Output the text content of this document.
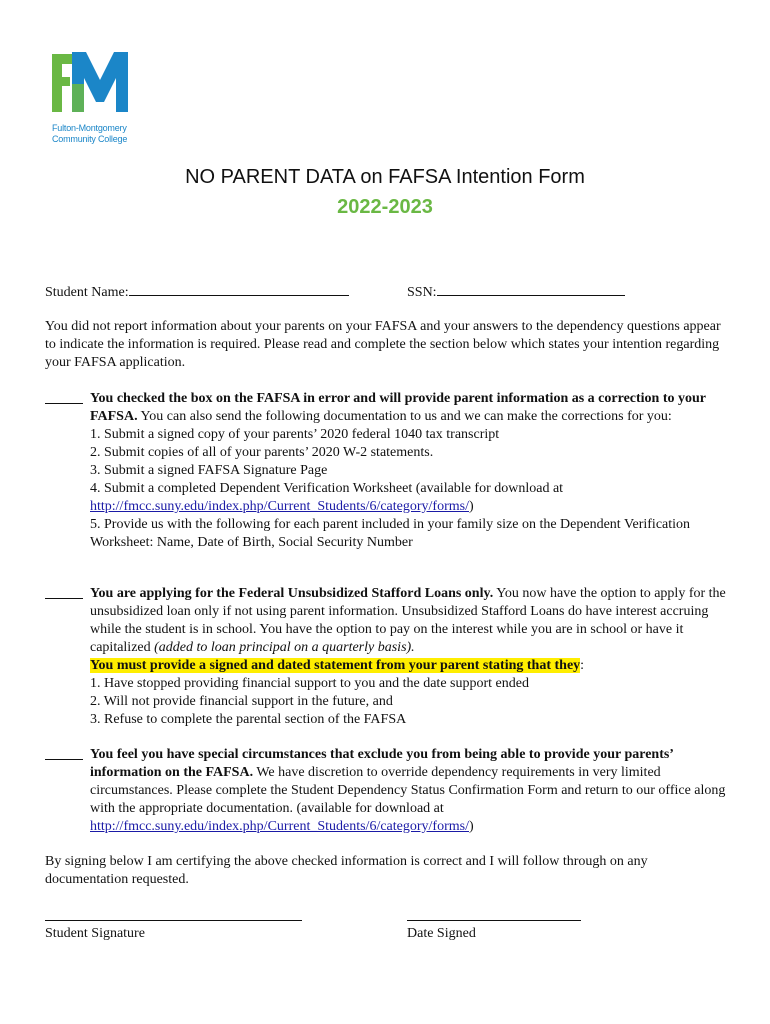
Fulton-Montgomery
Community College
NO PARENT DATA on FAFSA Intention Form
2022-2023
Student Name:	SSN:
You did not report information about your parents on your FAFSA and your answers to the dependency questions appear to indicate the information is required. Please read and complete the section below which states your intention regarding your FAFSA application.
You checked the box on the FAFSA in error and will provide parent information as a correction to your FAFSA. You can also send the following documentation to us and we can make the corrections for you:
1. Submit a signed copy of your parents’ 2020 federal 1040 tax transcript
2. Submit copies of all of your parents’ 2020 W-2 statements.
3. Submit a signed FAFSA Signature Page
4. Submit a completed Dependent Verification Worksheet (available for download at
http://fmcc.suny.edu/index.php/Current_Students/6/category/forms/)
5. Provide us with the following for each parent included in your family size on the Dependent Verification Worksheet: Name, Date of Birth, Social Security Number
You are applying for the Federal Unsubsidized Stafford Loans only. You now have the option to apply for the unsubsidized loan only if not using parent information. Unsubsidized Stafford Loans do have interest accruing while the student is in school. You have the option to pay on the interest while you are in school or have it capitalized (added to loan principal on a quarterly basis).
You must provide a signed and dated statement from your parent stating that they:
1. Have stopped providing financial support to you and the date support ended
2. Will not provide financial support in the future, and
3. Refuse to complete the parental section of the FAFSA
You feel you have special circumstances that exclude you from being able to provide your parents’ information on the FAFSA. We have discretion to override dependency requirements in very limited circumstances. Please complete the Student Dependency Status Confirmation Form and return to our office along with the appropriate documentation. (available for download at
http://fmcc.suny.edu/index.php/Current_Students/6/category/forms/)
By signing below I am certifying the above checked information is correct and I will follow through on any documentation requested.
Student Signature	Date Signed
